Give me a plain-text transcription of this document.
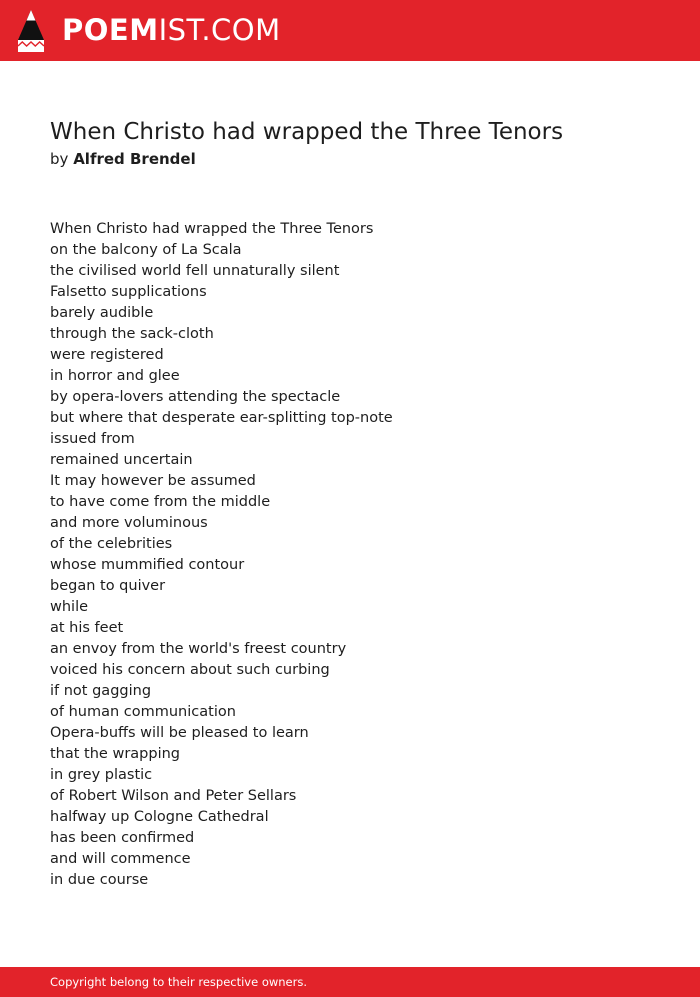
POEMIST.COM
When Christo had wrapped the Three Tenors
by Alfred Brendel
When Christo had wrapped the Three Tenors
on the balcony of La Scala
the civilised world fell unnaturally silent
Falsetto supplications
barely audible
through the sack-cloth
were registered
in horror and glee
by opera-lovers attending the spectacle
but where that desperate ear-splitting top-note
issued from
remained uncertain
It may however be assumed
to have come from the middle
and more voluminous
of the celebrities
whose mummified contour
began to quiver
while
at his feet
an envoy from the world's freest country
voiced his concern about such curbing
if not gagging
of human communication
Opera-buffs will be pleased to learn
that the wrapping
in grey plastic
of Robert Wilson and Peter Sellars
halfway up Cologne Cathedral
has been confirmed
and will commence
in due course
Copyright belong to their respective owners.
